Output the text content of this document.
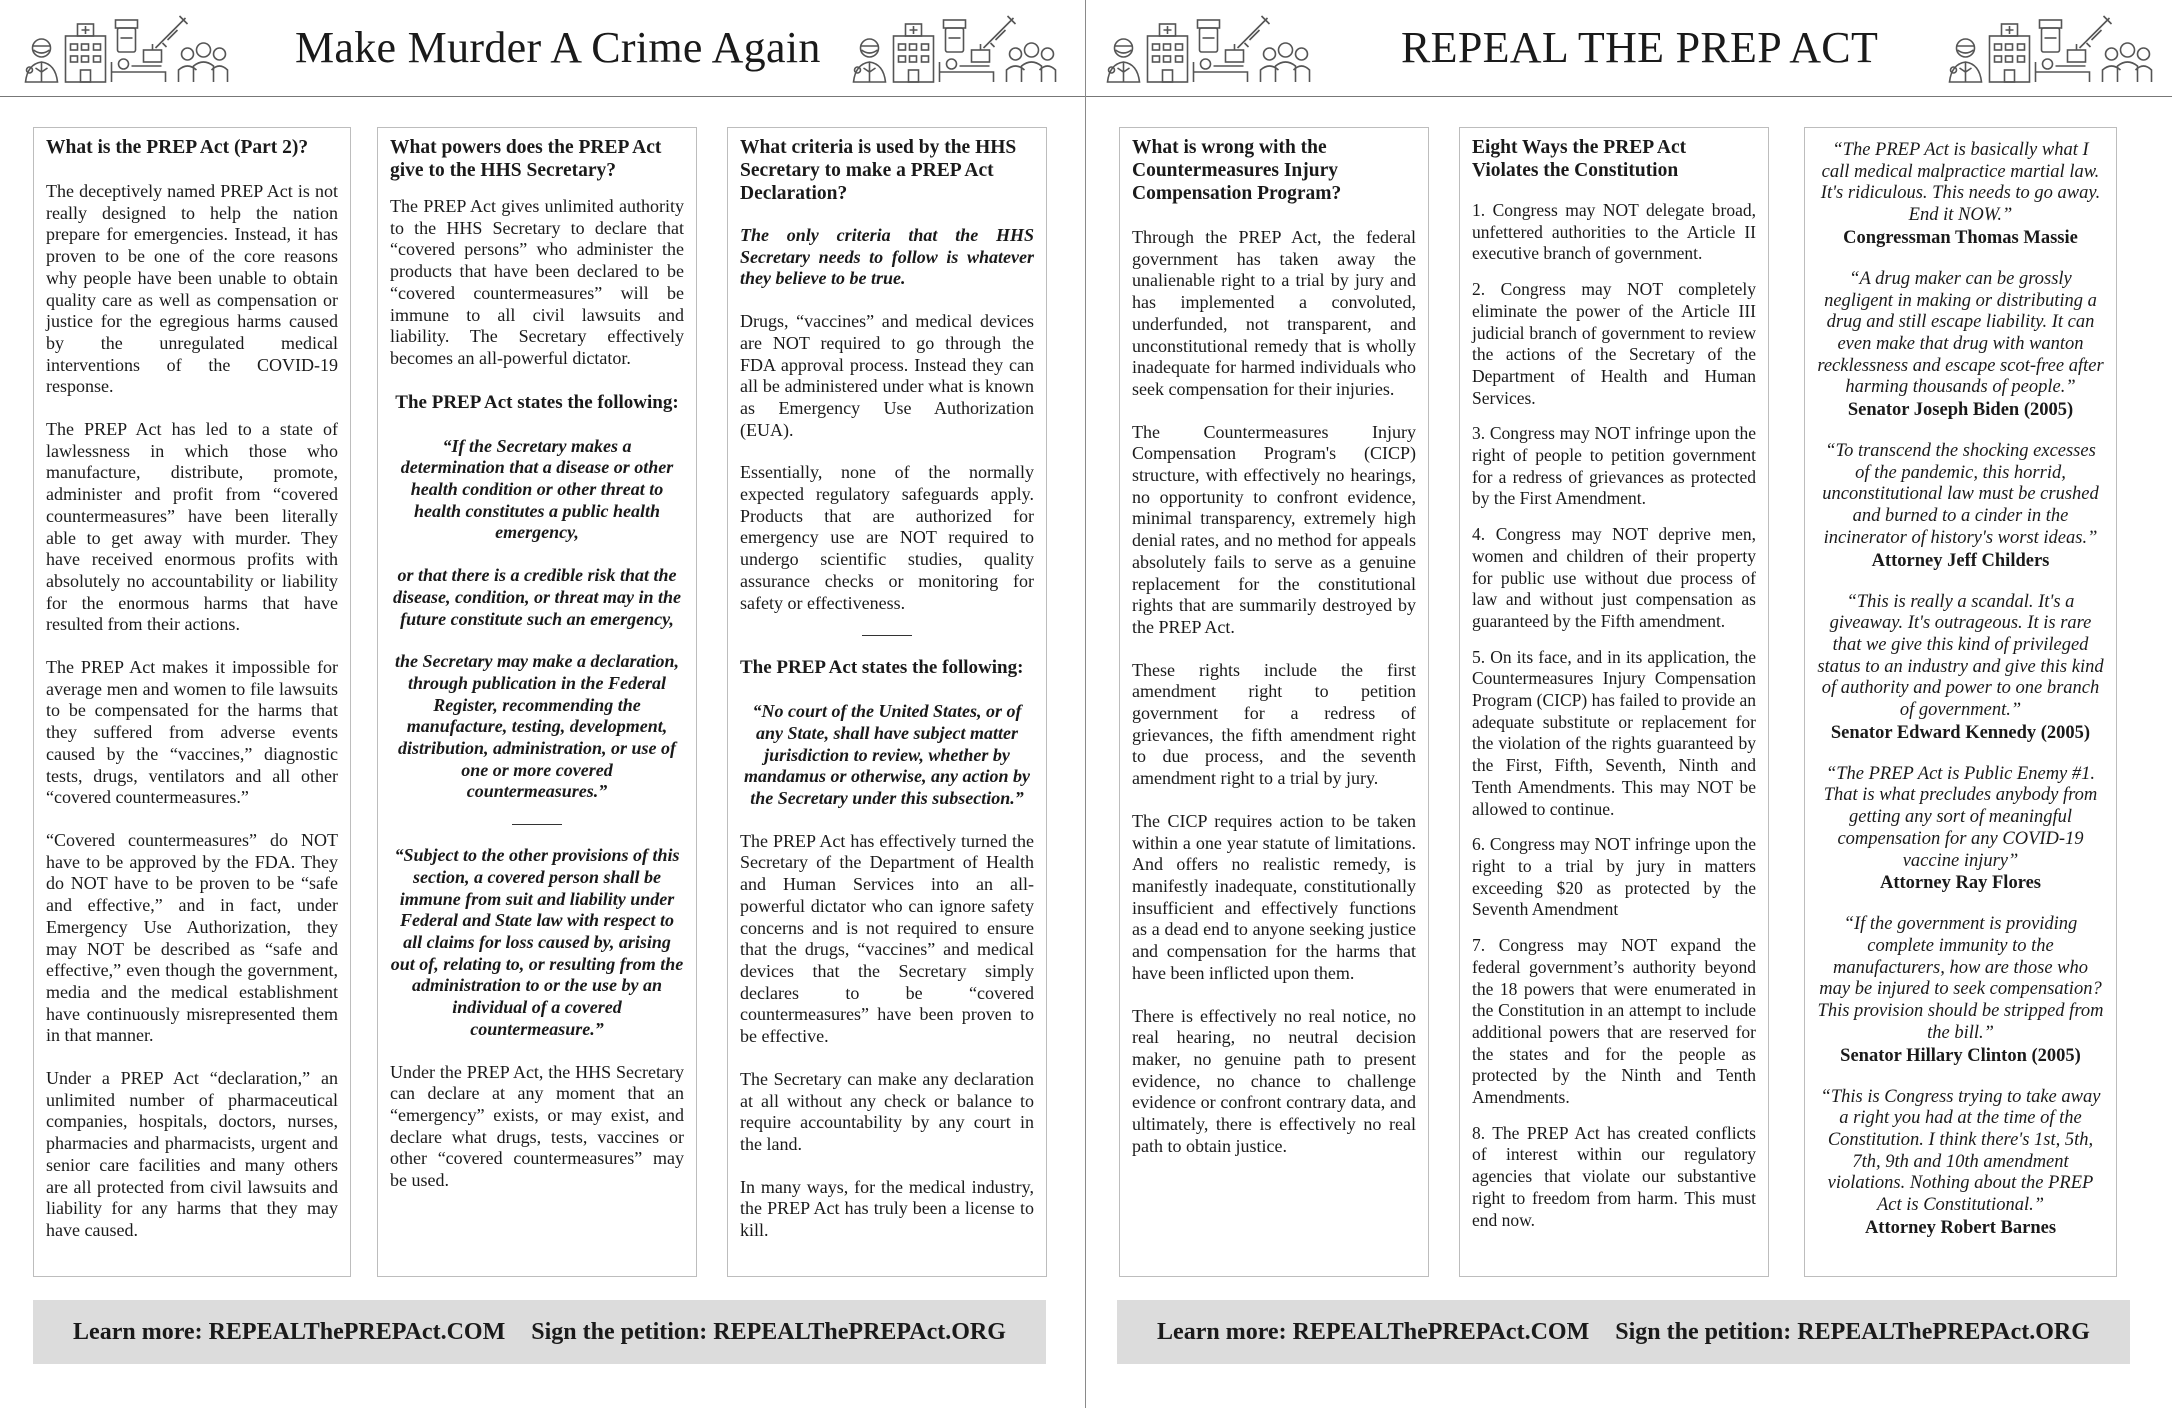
Make Murder A Crime Again
What is the PREP Act (Part 2)?

The deceptively named PREP Act is not really designed to help the nation prepare for emergencies. Instead, it has proven to be one of the core reasons why people have been unable to obtain quality care as well as compensation or justice for the egregious harms caused by the unregulated medical interventions of the COVID-19 response.

The PREP Act has led to a state of lawlessness in which those who manufacture, distribute, promote, administer and profit from “covered countermeasures” have been literally able to get away with murder. They have received enormous profits with absolutely no accountability or liability for the enormous harms that have resulted from their actions.

The PREP Act makes it impossible for average men and women to file lawsuits to be compensated for the harms that they suffered from adverse events caused by the “vaccines,” diagnostic tests, drugs, ventilators and all other “covered countermeasures.”

“Covered countermeasures” do NOT have to be approved by the FDA. They do NOT have to be proven to be “safe and effective,” and in fact, under Emergency Use Authorization, they may NOT be described as “safe and effective,” even though the government, media and the medical establishment have continuously misrepresented them in that manner.

Under a PREP Act “declaration,” an unlimited number of pharmaceutical companies, hospitals, doctors, nurses, pharmacies and pharmacists, urgent and senior care facilities and many others are all protected from civil lawsuits and liability for any harms that they may have caused.

What powers does the PREP Act give to the HHS Secretary?

The PREP Act gives unlimited authority to the HHS Secretary to declare that “covered persons” who administer the products that have been declared to be “covered countermeasures” will be immune to all civil lawsuits and liability. The Secretary effectively becomes an all-powerful dictator.

The PREP Act states the following:

“If the Secretary makes a determination that a disease or other health condition or other threat to health constitutes a public health emergency,

or that there is a credible risk that the disease, condition, or threat may in the future constitute such an emergency,

the Secretary may make a declaration, through publication in the Federal Register, recommending the manufacture, testing, development, distribution, administration, or use of one or more covered countermeasures.”

“Subject to the other provisions of this section, a covered person shall be immune from suit and liability under Federal and State law with respect to all claims for loss caused by, arising out of, relating to, or resulting from the administration to or the use by an individual of a covered countermeasure.”

Under the PREP Act, the HHS Secretary can declare at any moment that an “emergency” exists, or may exist, and declare what drugs, tests, vaccines or other “covered countermeasures” may be used.

What criteria is used by the HHS Secretary to make a PREP Act Declaration?

The only criteria that the HHS Secretary needs to follow is whatever they believe to be true.

Drugs, “vaccines” and medical devices are NOT required to go through the FDA approval process. Instead they can all be administered under what is known as Emergency Use Authorization (EUA).

Essentially, none of the normally expected regulatory safeguards apply. Products that are authorized for emergency use are NOT required to undergo scientific studies, quality assurance checks or monitoring for safety or effectiveness.

The PREP Act states the following:

“No court of the United States, or of any State, shall have subject matter jurisdiction to review, whether by mandamus or otherwise, any action by the Secretary under this subsection.”

The PREP Act has effectively turned the Secretary of the Department of Health and Human Services into an all-powerful dictator who can ignore safety concerns and is not required to ensure that the drugs, “vaccines” and medical devices that the Secretary simply declares to be “covered countermeasures” have been proven to be effective.

The Secretary can make any declaration at all without any check or balance to require accountability by any court in the land.

In many ways, for the medical industry, the PREP Act has truly been a license to kill.

Learn more: REPEALThePREPAct.COM Sign the petition: REPEALThePREPAct.ORG
REPEAL THE PREP ACT
What is wrong with the Countermeasures Injury Compensation Program?

Through the PREP Act, the federal government has taken away the unalienable right to a trial by jury and has implemented a convoluted, underfunded, not transparent, and unconstitutional remedy that is wholly inadequate for harmed individuals who seek compensation for their injuries.

The Countermeasures Injury Compensation Program's (CICP) structure, with effectively no hearings, no opportunity to confront evidence, minimal transparency, extremely high denial rates, and no method for appeals absolutely fails to serve as a genuine replacement for the constitutional rights that are summarily destroyed by the PREP Act.

These rights include the first amendment right to petition government for a redress of grievances, the fifth amendment right to due process, and the seventh amendment right to a trial by jury.

The CICP requires action to be taken within a one year statute of limitations. And offers no realistic remedy, is manifestly inadequate, constitutionally insufficient and effectively functions as a dead end to anyone seeking justice and compensation for the harms that have been inflicted upon them.

There is effectively no real notice, no real hearing, no neutral decision maker, no genuine path to present evidence, no chance to challenge evidence or confront contrary data, and ultimately, there is effectively no real path to obtain justice.

Eight Ways the PREP Act Violates the Constitution

1. Congress may NOT delegate broad, unfettered authorities to the Article II executive branch of government.

2. Congress may NOT completely eliminate the power of the Article III judicial branch of government to review the actions of the Secretary of the Department of Health and Human Services.

3. Congress may NOT infringe upon the right of people to petition government for a redress of grievances as protected by the First Amendment.

4. Congress may NOT deprive men, women and children of their property for public use without due process of law and without just compensation as guaranteed by the Fifth amendment.

5. On its face, and in its application, the Countermeasures Injury Compensation Program (CICP) has failed to provide an adequate substitute or replacement for the violation of the rights guaranteed by the First, Fifth, Seventh, Ninth and Tenth Amendments. This may NOT be allowed to continue.

6. Congress may NOT infringe upon the right to a trial by jury in matters exceeding $20 as protected by the Seventh Amendment

7. Congress may NOT expand the federal government’s authority beyond the 18 powers that were enumerated in the Constitution in an attempt to include additional powers that are reserved for the states and for the people as protected by the Ninth and Tenth Amendments.

8. The PREP Act has created conflicts of interest within our regulatory agencies that violate our substantive right to freedom from harm. This must end now.

“The PREP Act is basically what I call medical malpractice martial law. It's ridiculous. This needs to go away. End it NOW.”
Congressman Thomas Massie
“A drug maker can be grossly negligent in making or distributing a drug and still escape liability. It can even make that drug with wanton recklessness and escape scot-free after harming thousands of people.”
Senator Joseph Biden (2005)
“To transcend the shocking excesses of the pandemic, this horrid, unconstitutional law must be crushed and burned to a cinder in the incinerator of history's worst ideas.”
Attorney Jeff Childers
“This is really a scandal. It's a giveaway. It's outrageous. It is rare that we give this kind of privileged status to an industry and give this kind of authority and power to one branch of government.”
Senator Edward Kennedy (2005)
“The PREP Act is Public Enemy #1. That is what precludes anybody from getting any sort of meaningful compensation for any COVID-19 vaccine injury”
Attorney Ray Flores
“If the government is providing complete immunity to the manufacturers, how are those who may be injured to seek compensation? This provision should be stripped from the bill.”
Senator Hillary Clinton (2005)
“This is Congress trying to take away a right you had at the time of the Constitution. I think there's 1st, 5th, 7th, 9th and 10th amendment violations. Nothing about the PREP Act is Constitutional.”
Attorney Robert Barnes
Learn more: REPEALThePREPAct.COM Sign the petition: REPEALThePREPAct.ORG
